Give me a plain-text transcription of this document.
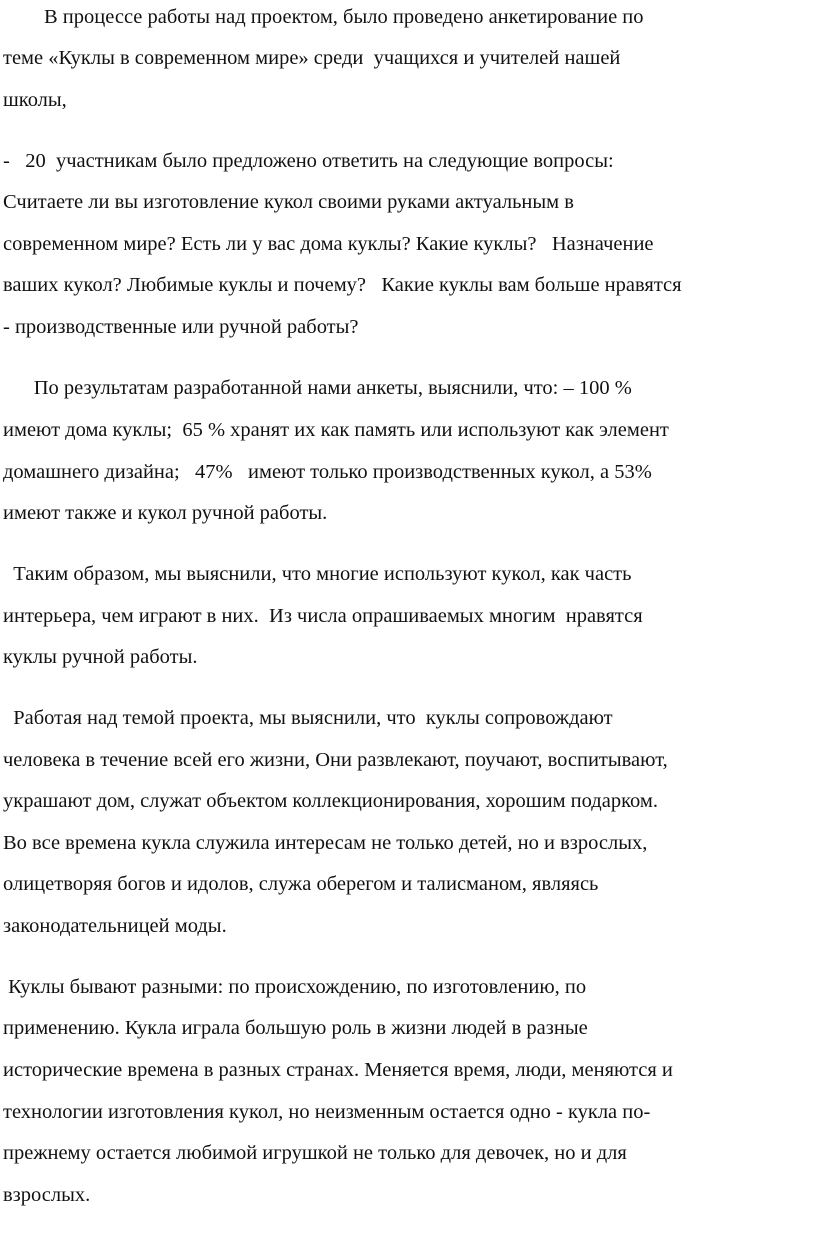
В процессе работы над проектом, было проведено анкетирование по

теме «Куклы в современном мире» среди  учащихся и учителей нашей

школы,

-   20  участникам было предложено ответить на следующие вопросы:

Считаете ли вы изготовление кукол своими руками актуальным в

современном мире? Есть ли у вас дома куклы? Какие куклы?   Назначение

ваших кукол? Любимые куклы и почему?   Какие куклы вам больше нравятся

- производственные или ручной работы?

По результатам разработанной нами анкеты, выяснили, что: – 100 %

имеют дома куклы;  65 % хранят их как память или используют как элемент

домашнего дизайна;   47%   имеют только производственных кукол, а 53%

имеют также и кукол ручной работы.

Таким образом, мы выяснили, что многие используют кукол, как часть

интерьера, чем играют в них.  Из числа опрашиваемых многим  нравятся

куклы ручной работы.

Работая над темой проекта, мы выяснили, что  куклы сопровождают

человека в течение всей его жизни, Они развлекают, поучают, воспитывают,

украшают дом, служат объектом коллекционирования, хорошим подарком.

Во все времена кукла служила интересам не только детей, но и взрослых,

олицетворяя богов и идолов, служа оберегом и талисманом, являясь

законодательницей моды.

Куклы бывают разными: по происхождению, по изготовлению, по

применению. Кукла играла большую роль в жизни людей в разные

исторические времена в разных странах. Меняется время, люди, меняются и

технологии изготовления кукол, но неизменным остается одно - кукла по-

прежнему остается любимой игрушкой не только для девочек, но и для

взрослых.
